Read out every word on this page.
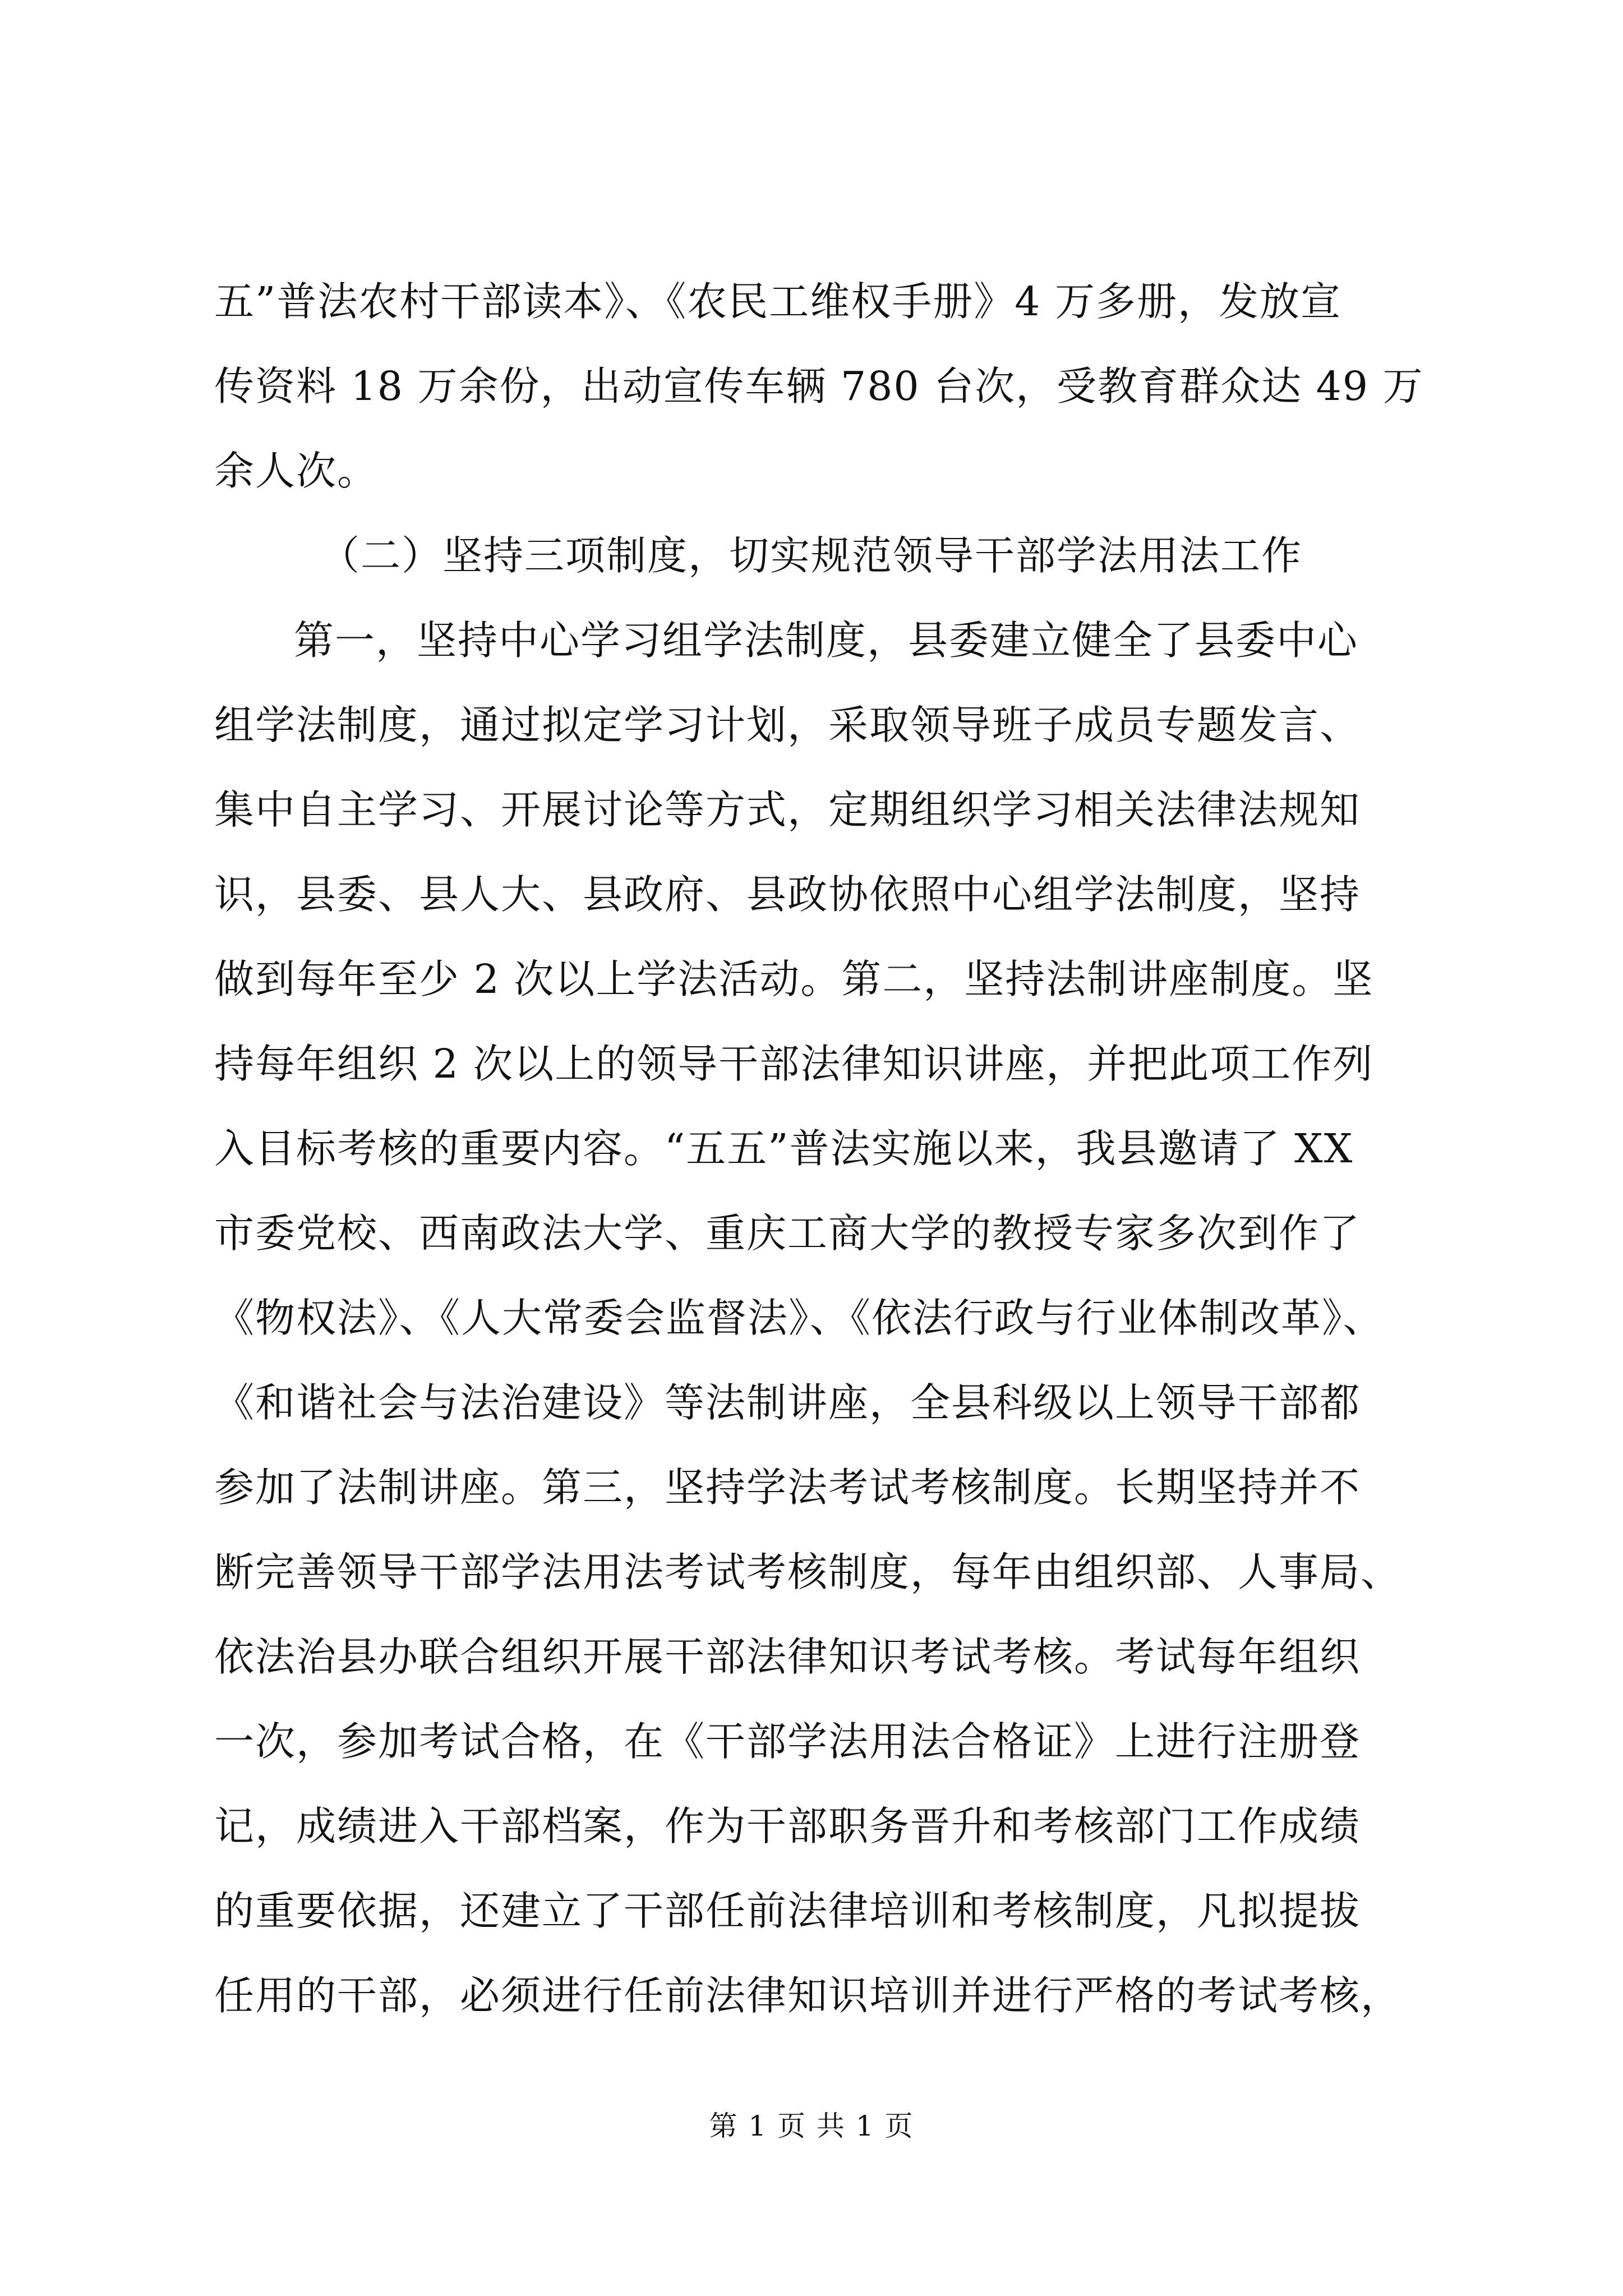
五”普法农村干部读本》、《农民工维权手册》4 万多册，发放宣
传资料 18 万余份，出动宣传车辆 780 台次，受教育群众达 49 万
余人次。
（二）坚持三项制度，切实规范领导干部学法用法工作
第一，坚持中心学习组学法制度，县委建立健全了县委中心
组学法制度，通过拟定学习计划，采取领导班子成员专题发言、
集中自主学习、开展讨论等方式，定期组织学习相关法律法规知
识，县委、县人大、县政府、县政协依照中心组学法制度，坚持
做到每年至少 2 次以上学法活动。第二，坚持法制讲座制度。坚
持每年组织 2 次以上的领导干部法律知识讲座，并把此项工作列
入目标考核的重要内容。“五五”普法实施以来，我县邀请了 XX
市委党校、西南政法大学、重庆工商大学的教授专家多次到作了
《物权法》、《人大常委会监督法》、《依法行政与行业体制改革》、
《和谐社会与法治建设》等法制讲座，全县科级以上领导干部都
参加了法制讲座。第三，坚持学法考试考核制度。长期坚持并不
断完善领导干部学法用法考试考核制度，每年由组织部、人事局、
依法治县办联合组织开展干部法律知识考试考核。考试每年组织
一次，参加考试合格，在《干部学法用法合格证》上进行注册登
记，成绩进入干部档案，作为干部职务晋升和考核部门工作成绩
的重要依据，还建立了干部任前法律培训和考核制度，凡拟提拔
任用的干部，必须进行任前法律知识培训并进行严格的考试考核，
第 1 页 共 1 页
